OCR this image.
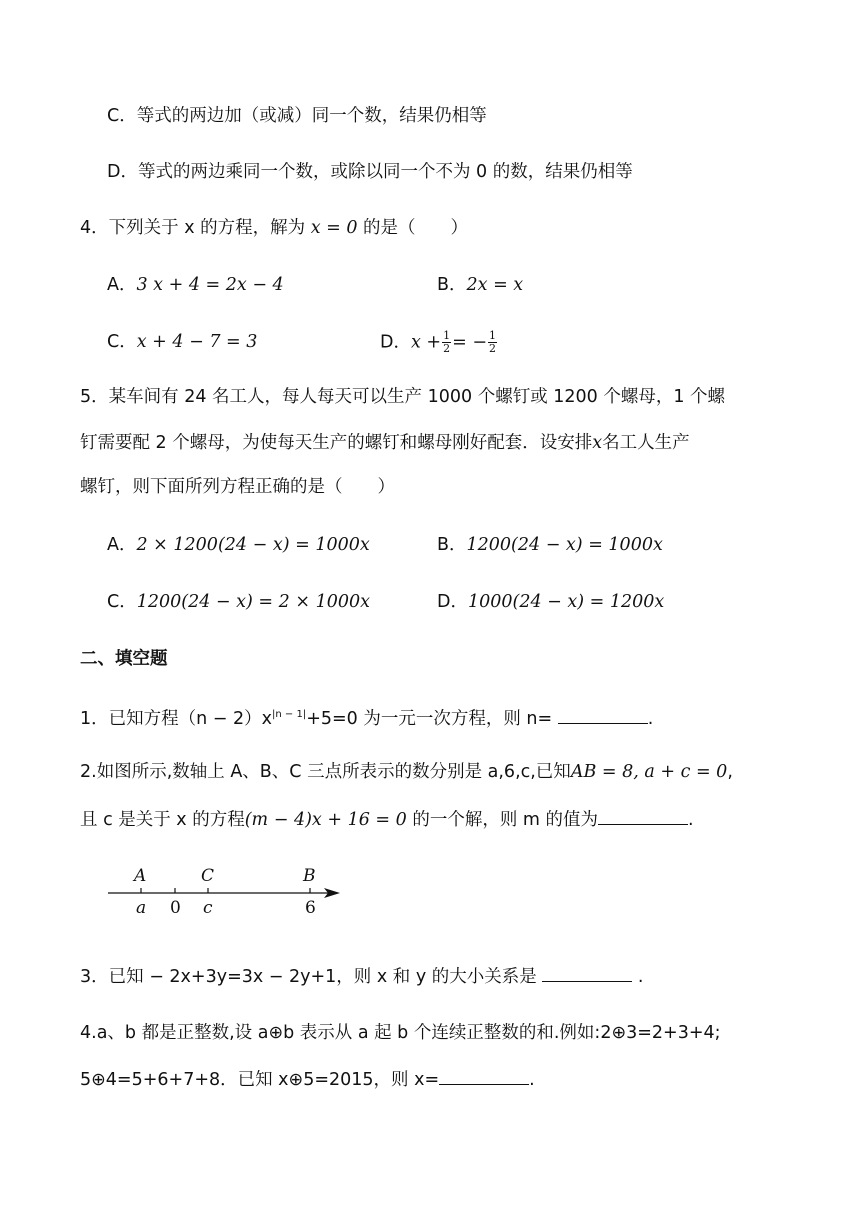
C．等式的两边加（或减）同一个数，结果仍相等
D．等式的两边乘同一个数，或除以同一个不为 0 的数，结果仍相等
4．下列关于 x 的方程，解为 x = 0 的是（　　）
A．3 x + 4 = 2x − 4	B．2x = x
C．x + 4 − 7 = 3	D．$x + \frac{1}{2}$ = − $\frac{1}{2}$
5．某车间有 24 名工人，每人每天可以生产 1000 个螺钉或 1200 个螺母，1 个螺
钉需要配 2 个螺母，为使每天生产的螺钉和螺母刚好配套．设安排x名工人生产
螺钉，则下面所列方程正确的是（　　）
A．2 × 1200(24 − x) = 1000x	B．1200(24 − x) = 1000x
C．1200(24 − x) = 2 × 1000x	D．1000(24 − x) = 1200x
二、填空题
1．已知方程$(n - 2)x^{|n - 1|}+5=0$ 为一元一次方程，则 n=	.
2.如图所示,数轴上 A、B、C 三点所表示的数分别是 a,6,c,已知AB = 8, a + c = 0,
且 c 是关于 x 的方程(m − 4)x + 16 = 0 的一个解，则 m 的值为	.
A	C	B
a 0 c	6
3．已知 − 2x+3y=3x − 2y+1，则 x 和 y 的大小关系是	.
4.a、b 都是正整数,设 a⊕b 表示从 a 起 b 个连续正整数的和.例如:2⊕3=2+3+4;
5⊕4=5+6+7+8．已知 x⊕5=2015，则 x=	.
